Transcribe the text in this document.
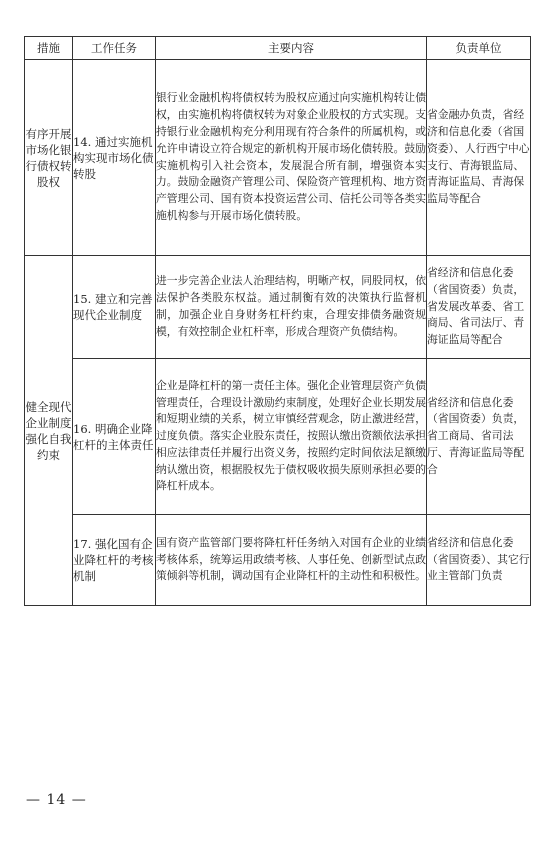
措施	工作任务	主要内容	负责单位
有序开展市场化银行债权转股权	14. 通过实施机构实现市场化债转股	银行业金融机构将债权转为股权应通过向实施机构转让债权，由实施机构将债权转为对象企业股权的方式实现。支持银行业金融机构充分利用现有符合条件的所属机构，或允许申请设立符合规定的新机构开展市场化债转股。鼓励实施机构引入社会资本，发展混合所有制，增强资本实力。鼓励金融资产管理公司、保险资产管理机构、地方资产管理公司、国有资本投资运营公司、信托公司等各类实施机构参与开展市场化债转股。	省金融办负责，省经济和信息化委（省国资委）、人行西宁中心支行、青海银监局、青海证监局、青海保监局等配合
健全现代企业制度强化自我约束	15. 建立和完善现代企业制度	进一步完善企业法人治理结构，明晰产权，同股同权，依法保护各类股东权益。通过制衡有效的决策执行监督机制，加强企业自身财务杠杆约束，合理安排债务融资规模，有效控制企业杠杆率，形成合理资产负债结构。	省经济和信息化委（省国资委）负责，省发展改革委、省工商局、省司法厅、青海证监局等配合
	16. 明确企业降杠杆的主体责任	企业是降杠杆的第一责任主体。强化企业管理层资产负债管理责任，合理设计激励约束制度，处理好企业长期发展和短期业绩的关系，树立审慎经营观念，防止激进经营，过度负债。落实企业股东责任，按照认缴出资额依法承担相应法律责任并履行出资义务，按照约定时间依法足额缴纳认缴出资，根据股权先于债权吸收损失原则承担必要的降杠杆成本。	省经济和信息化委（省国资委）负责，省工商局、省司法厅、青海证监局等配合
	17. 强化国有企业降杠杆的考核机制	国有资产监管部门要将降杠杆任务纳入对国有企业的业绩考核体系，统筹运用政绩考核、人事任免、创新型试点政策倾斜等机制，调动国有企业降杠杆的主动性和积极性。	省经济和信息化委（省国资委）、其它行业主管部门负责
— 14 —
